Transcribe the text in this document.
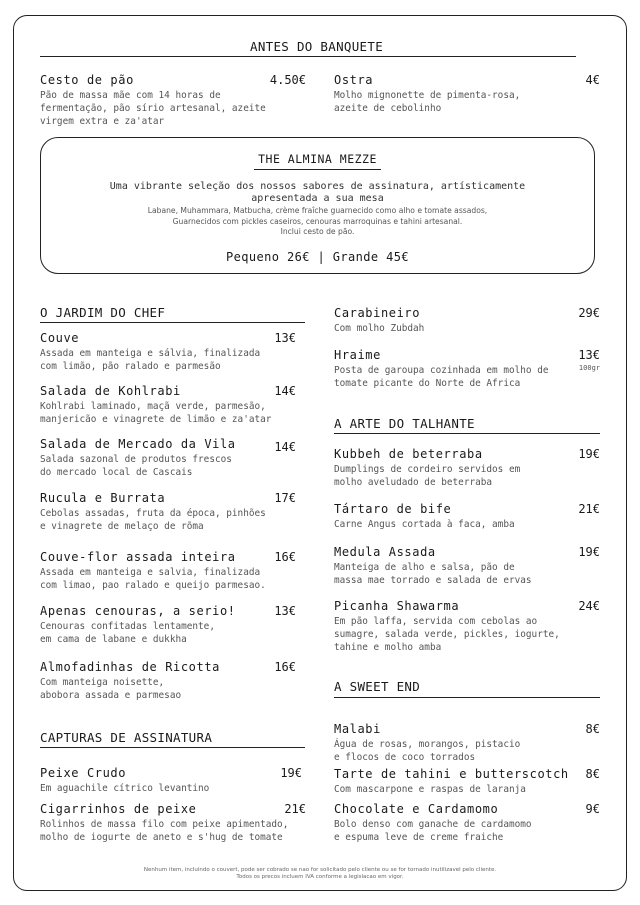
ANTES DO BANQUETE
Cesto de pão	4.50€
Pão de massa mãe com 14 horas de
fermentação, pão sírio artesanal, azeite
virgem extra e za'atar
Ostra	4€
Molho mignonette de pimenta-rosa,
azeite de cebolinho
THE ALMINA MEZZE
Uma vibrante seleção dos nossos sabores de assinatura, artísticamente
apresentada a sua mesa
Labane, Muhammara, Matbucha, crème fraîche guarnecido como alho e tomate assados,
Guarnecidos com pickles caseiros, cenouras marroquinas e tahini artesanal.
Inclui cesto de pão.
Pequeno 26€ | Grande 45€
O JARDIM DO CHEF
Couve	13€
Assada em manteiga e sálvia, finalizada
com limão, pão ralado e parmesão
Salada de Kohlrabi	14€
Kohlrabi laminado, maçã verde, parmesão,
manjericão e vinagrete de limão e za'atar
Salada de Mercado da Vila	14€
Salada sazonal de produtos frescos
do mercado local de Cascais
Rucula e Burrata	17€
Cebolas assadas, fruta da época, pinhões
e vinagrete de melaço de rõma
Couve-flor assada inteira	16€
Assada em manteiga e salvia, finalizada
com limao, pao ralado e queijo parmesao.
Apenas cenouras, a serio!	13€
Cenouras confitadas lentamente,
em cama de labane e dukkha
Almofadinhas de Ricotta	16€
Com manteiga noisette,
abobora assada e parmesao
CAPTURAS DE ASSINATURA
Peixe Crudo	19€
Em aguachile cítrico levantino
Cigarrinhos de peixe	21€
Rolinhos de massa filo com peixe apimentado,
molho de iogurte de aneto e s'hug de tomate
Carabineiro	29€
Com molho Zubdah
Hraime	13€
100gr
Posta de garoupa cozinhada em molho de
tomate picante do Norte de Africa
A ARTE DO TALHANTE
Kubbeh de beterraba	19€
Dumplings de cordeiro servidos em
molho aveludado de beterraba
Tártaro de bife	21€
Carne Angus cortada à faca, amba
Medula Assada	19€
Manteiga de alho e salsa, pão de
massa mae torrado e salada de ervas
Picanha Shawarma	24€
Em pão laffa, servida com cebolas ao
sumagre, salada verde, pickles, iogurte,
tahine e molho amba
A SWEET END
Malabi	8€
Água de rosas, morangos, pistacio
e flocos de coco torrados
Tarte de tahini e butterscotch 8€
Com mascarpone e raspas de laranja
Chocolate e Cardamomo	9€
Bolo denso com ganache de cardamomo
e espuma leve de creme fraiche
Nenhum item, incluindo o couvert, pode ser cobrado se nao for solicitado pelo cliente ou se for tornado inutilizavel pelo cliente.
Todos os precos incluem IVA conforme a legislacao em vigor.
